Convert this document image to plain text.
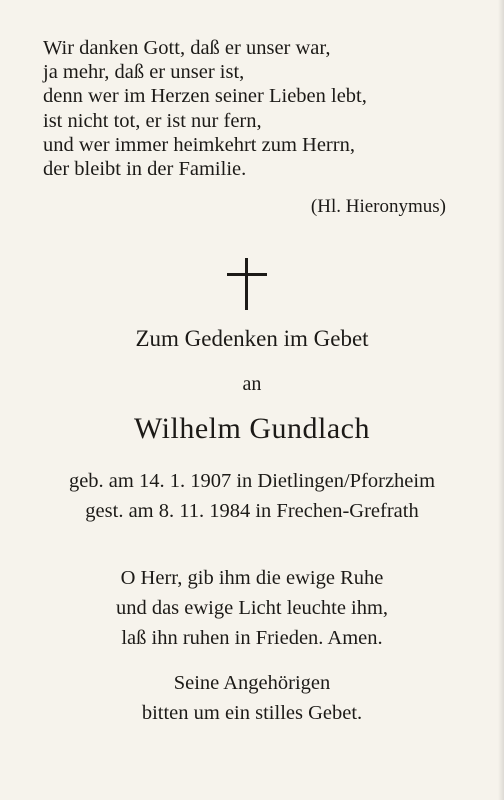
Wir danken Gott, daß er unser war,
ja mehr, daß er unser ist,
denn wer im Herzen seiner Lieben lebt,
ist nicht tot, er ist nur fern,
und wer immer heimkehrt zum Herrn,
der bleibt in der Familie.
(Hl. Hieronymus)
Zum Gedenken im Gebet
an
Wilhelm Gundlach
geb. am 14. 1. 1907 in Dietlingen/Pforzheim
gest. am 8. 11. 1984 in Frechen-Grefrath
O Herr, gib ihm die ewige Ruhe
und das ewige Licht leuchte ihm,
laß ihn ruhen in Frieden. Amen.
Seine Angehörigen
bitten um ein stilles Gebet.
